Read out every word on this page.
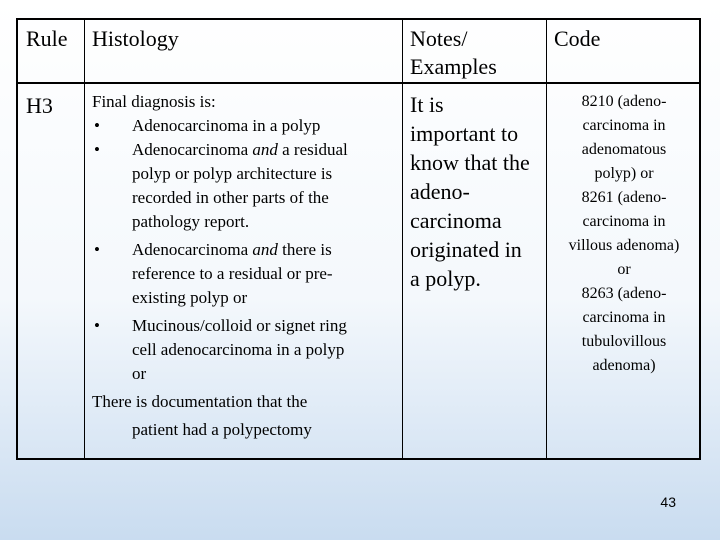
Rule Histology	Notes/
Examples
Code
H3 Final diagnosis is:
• Adenocarcinoma in a polyp
• Adenocarcinoma and a residual
polyp or polyp architecture is
recorded in other parts of the
pathology report.
• Adenocarcinoma and there is
reference to a residual or pre-
existing polyp or
• Mucinous/colloid or signet ring
cell adenocarcinoma in a polyp
or
There is documentation that the
patient had a polypectomy
It is
important to
know that the
adeno-
carcinoma
originated in
a polyp.
8210 (adeno-
carcinoma in
adenomatous
polyp) or
8261 (adeno-
carcinoma in
villous adenoma)
or
8263 (adeno-
carcinoma in
tubulovillous
adenoma)
43
